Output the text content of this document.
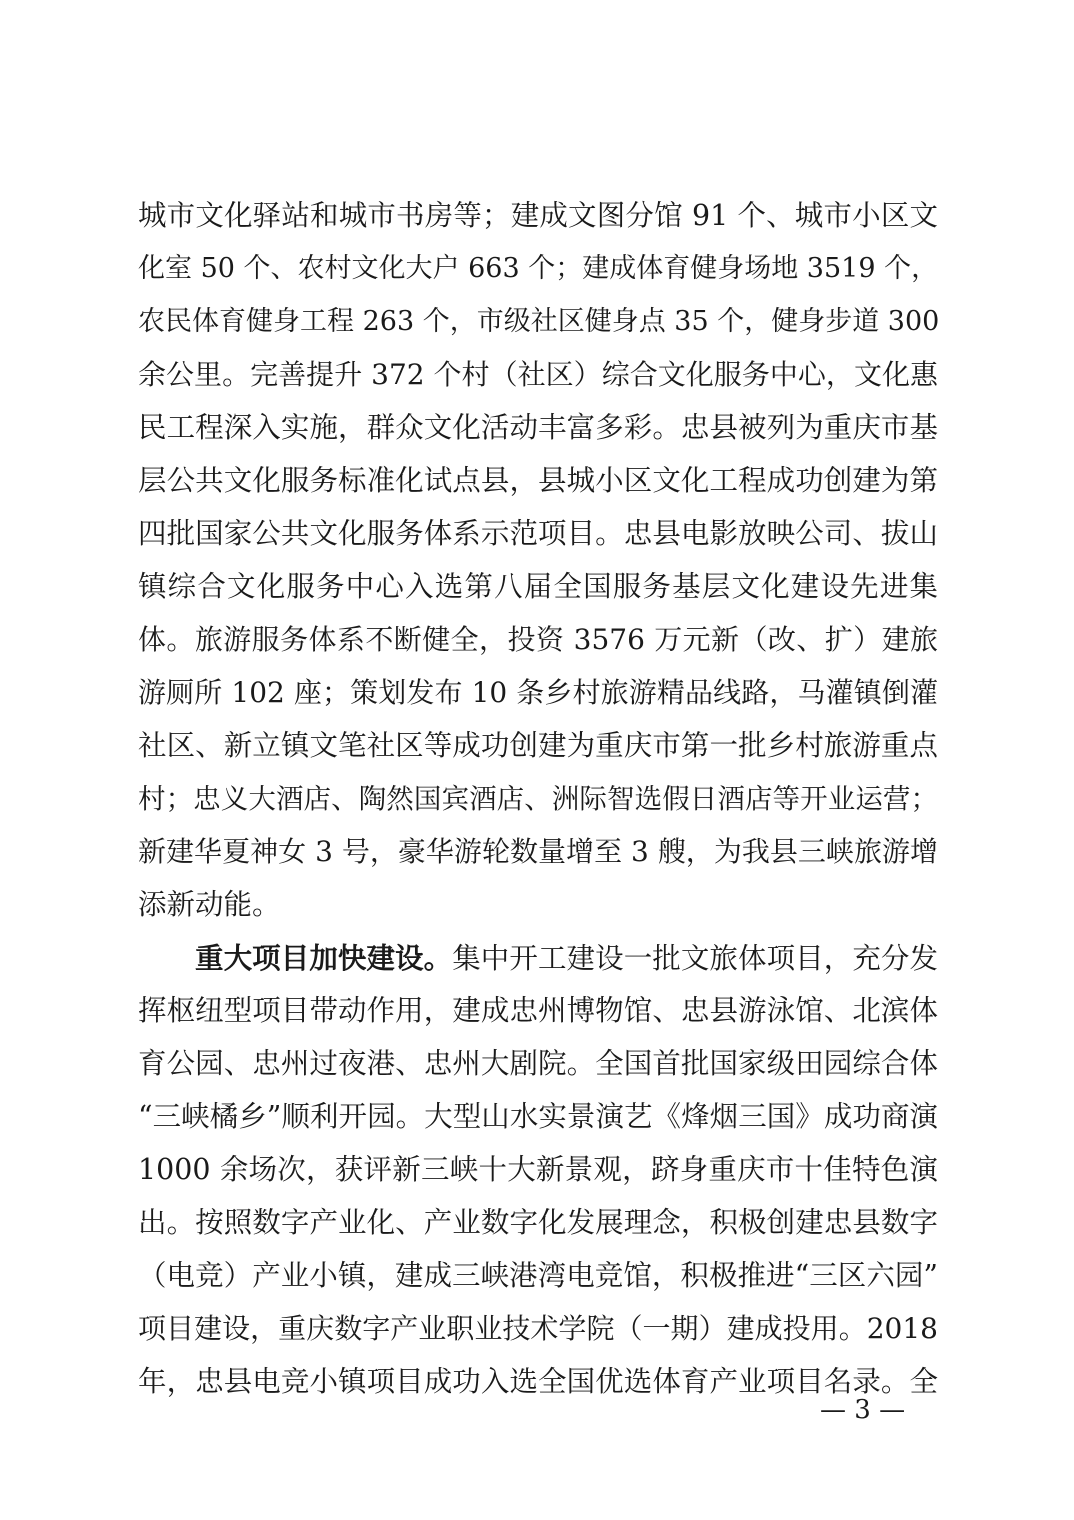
城市文化驿站和城市书房等；建成文图分馆 91 个、城市小区文
化室 50 个、农村文化大户 663 个；建成体育健身场地 3519 个，
农民体育健身工程 263 个，市级社区健身点 35 个，健身步道 300
余公里。完善提升 372 个村（社区）综合文化服务中心，文化惠
民工程深入实施，群众文化活动丰富多彩。忠县被列为重庆市基
层公共文化服务标准化试点县，县城小区文化工程成功创建为第
四批国家公共文化服务体系示范项目。忠县电影放映公司、拔山
镇综合文化服务中心入选第八届全国服务基层文化建设先进集
体。旅游服务体系不断健全，投资 3576 万元新（改、扩）建旅
游厕所 102 座；策划发布 10 条乡村旅游精品线路，马灌镇倒灌
社区、新立镇文笔社区等成功创建为重庆市第一批乡村旅游重点
村；忠义大酒店、陶然国宾酒店、洲际智选假日酒店等开业运营；
新建华夏神女 3 号，豪华游轮数量增至 3 艘，为我县三峡旅游增
添新动能。
重大项目加快建设。集中开工建设一批文旅体项目，充分发
挥枢纽型项目带动作用，建成忠州博物馆、忠县游泳馆、北滨体
育公园、忠州过夜港、忠州大剧院。全国首批国家级田园综合体
“三峡橘乡”顺利开园。大型山水实景演艺《烽烟三国》成功商演
1000 余场次，获评新三峡十大新景观，跻身重庆市十佳特色演
出。按照数字产业化、产业数字化发展理念，积极创建忠县数字
（电竞）产业小镇，建成三峡港湾电竞馆，积极推进“三区六园”
项目建设，重庆数字产业职业技术学院（一期）建成投用。2018
年，忠县电竞小镇项目成功入选全国优选体育产业项目名录。全
— 3 —
